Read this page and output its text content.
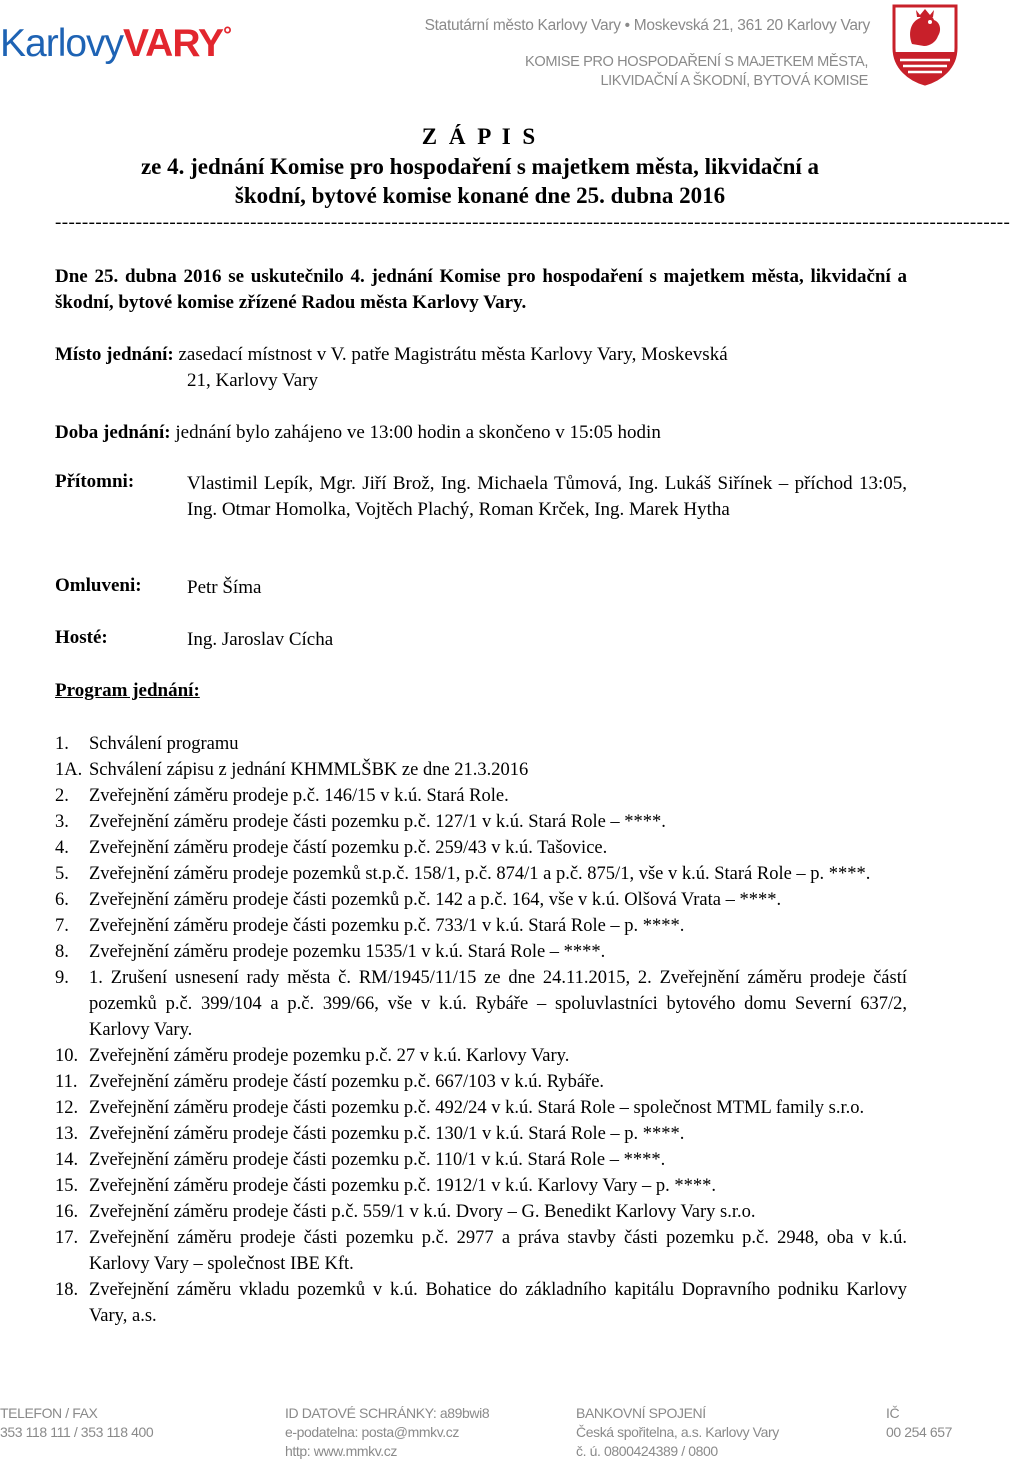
KarlovyVARY°	Statutární město Karlovy Vary • Moskevská 21, 361 20 Karlovy Vary
KOMISE PRO HOSPODAŘENÍ S MAJETKEM MĚSTA,
LIKVIDAČNÍ A ŠKODNÍ, BYTOVÁ KOMISE
Z Á P I S
ze 4. jednání Komise pro hospodaření s majetkem města, likvidační a
škodní, bytové komise konané dne 25. dubna 2016
----------------------------------------------------------------------------------------------------------------------------------------------
Dne 25. dubna 2016 se uskutečnilo 4. jednání Komise pro hospodaření s majetkem města, likvidační a škodní, bytové komise zřízené Radou města Karlovy Vary.
Místo jednání: zasedací místnost v V. patře Magistrátu města Karlovy Vary, Moskevská
21, Karlovy Vary
Doba jednání: jednání bylo zahájeno ve 13:00 hodin a skončeno v 15:05 hodin
Přítomni:	Vlastimil Lepík, Mgr. Jiří Brož, Ing. Michaela Tůmová, Ing. Lukáš Siřínek – příchod 13:05, Ing. Otmar Homolka, Vojtěch Plachý, Roman Krček, Ing. Marek Hytha
Omluveni: Petr Šíma
Hosté:	Ing. Jaroslav Cícha
Program jednání:
1.	Schválení programu
1A. Schválení zápisu z jednání KHMMLŠBK ze dne 21.3.2016
2.	Zveřejnění záměru prodeje p.č. 146/15 v k.ú. Stará Role.
3.	Zveřejnění záměru prodeje části pozemku p.č. 127/1 v k.ú. Stará Role – ****.
4.	Zveřejnění záměru prodeje částí pozemku p.č. 259/43 v k.ú. Tašovice.
5.	Zveřejnění záměru prodeje pozemků st.p.č. 158/1, p.č. 874/1 a p.č. 875/1, vše v k.ú. Stará Role – p. ****.
6.	Zveřejnění záměru prodeje části pozemků p.č. 142 a p.č. 164, vše v k.ú. Olšová Vrata – ****.
7.	Zveřejnění záměru prodeje části pozemku p.č. 733/1 v k.ú. Stará Role – p. ****.
8.	Zveřejnění záměru prodeje pozemku 1535/1 v k.ú. Stará Role – ****.
9.	1. Zrušení usnesení rady města č. RM/1945/11/15 ze dne 24.11.2015, 2. Zveřejnění záměru prodeje částí pozemků p.č. 399/104 a p.č. 399/66, vše v k.ú. Rybáře – spoluvlastníci bytového domu Severní 637/2, Karlovy Vary.
10. Zveřejnění záměru prodeje pozemku p.č. 27 v k.ú. Karlovy Vary.
11. Zveřejnění záměru prodeje částí pozemku p.č. 667/103 v k.ú. Rybáře.
12. Zveřejnění záměru prodeje části pozemku p.č. 492/24 v k.ú. Stará Role – společnost MTML family s.r.o.
13. Zveřejnění záměru prodeje části pozemku p.č. 130/1 v k.ú. Stará Role – p. ****.
14. Zveřejnění záměru prodeje části pozemku p.č. 110/1 v k.ú. Stará Role – ****.
15. Zveřejnění záměru prodeje části pozemku p.č. 1912/1 v k.ú. Karlovy Vary – p. ****.
16. Zveřejnění záměru prodeje části p.č. 559/1 v k.ú. Dvory – G. Benedikt Karlovy Vary s.r.o.
17. Zveřejnění záměru prodeje části pozemku p.č. 2977 a práva stavby části pozemku p.č. 2948, oba v k.ú. Karlovy Vary – společnost IBE Kft.
18. Zveřejnění záměru vkladu pozemků v k.ú. Bohatice do základního kapitálu Dopravního podniku Karlovy Vary, a.s.
TELEFON / FAX
353 118 111 / 353 118 400
ID DATOVÉ SCHRÁNKY: a89bwi8
e-podatelna: posta@mmkv.cz
http: www.mmkv.cz
BANKOVNÍ SPOJENÍ
Česká spořitelna, a.s. Karlovy Vary
č. ú. 0800424389 / 0800
IČ
00 254 657
